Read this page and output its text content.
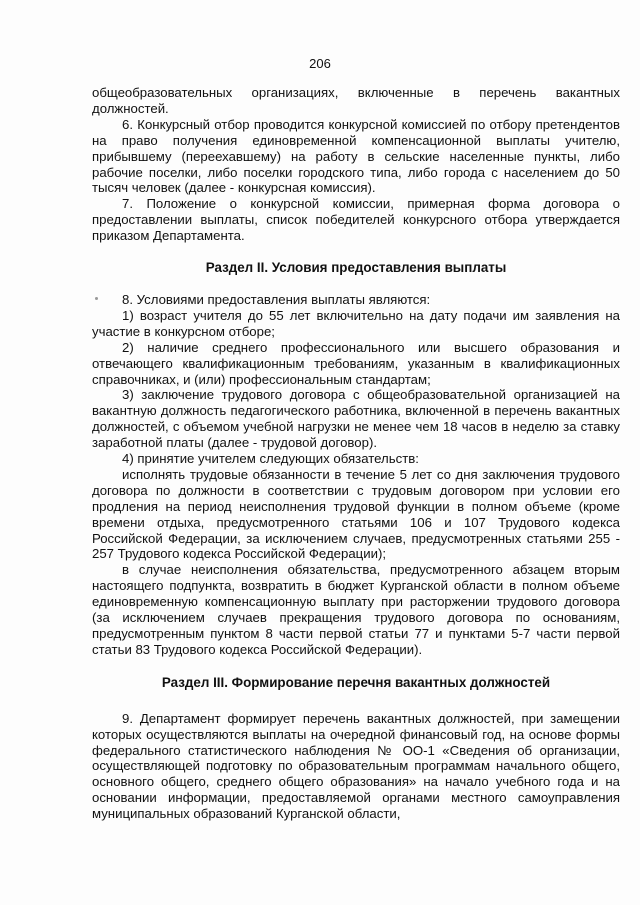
206
общеобразовательных организациях, включенные в перечень вакантных должностей.
6. Конкурсный отбор проводится конкурсной комиссией по отбору претендентов на право получения единовременной компенсационной выплаты учителю, прибывшему (переехавшему) на работу в сельские населенные пункты, либо рабочие поселки, либо поселки городского типа, либо города с населением до 50 тысяч человек (далее - конкурсная комиссия).
7. Положение о конкурсной комиссии, примерная форма договора о предоставлении выплаты, список победителей конкурсного отбора утверждается приказом Департамента.
Раздел II. Условия предоставления выплаты
8. Условиями предоставления выплаты являются:
1) возраст учителя до 55 лет включительно на дату подачи им заявления на участие в конкурсном отборе;
2) наличие среднего профессионального или высшего образования и отвечающего квалификационным требованиям, указанным в квалификационных справочниках, и (или) профессиональным стандартам;
3) заключение трудового договора с общеобразовательной организацией на вакантную должность педагогического работника, включенной в перечень вакантных должностей, с объемом учебной нагрузки не менее чем 18 часов в неделю за ставку заработной платы (далее - трудовой договор).
4) принятие учителем следующих обязательств:
исполнять трудовые обязанности в течение 5 лет со дня заключения трудового договора по должности в соответствии с трудовым договором при условии его продления на период неисполнения трудовой функции в полном объеме (кроме времени отдыха, предусмотренного статьями 106 и 107 Трудового кодекса Российской Федерации, за исключением случаев, предусмотренных статьями 255 - 257 Трудового кодекса Российской Федерации);
в случае неисполнения обязательства, предусмотренного абзацем вторым настоящего подпункта, возвратить в бюджет Курганской области в полном объеме единовременную компенсационную выплату при расторжении трудового договора (за исключением случаев прекращения трудового договора по основаниям, предусмотренным пунктом 8 части первой статьи 77 и пунктами 5-7 части первой статьи 83 Трудового кодекса Российской Федерации).
Раздел III. Формирование перечня вакантных должностей
9. Департамент формирует перечень вакантных должностей, при замещении которых осуществляются выплаты на очередной финансовый год, на основе формы федерального статистического наблюдения № ОО-1 «Сведения об организации, осуществляющей подготовку по образовательным программам начального общего, основного общего, среднего общего образования» на начало учебного года и на основании информации, предоставляемой органами местного самоуправления муниципальных образований Курганской области,
